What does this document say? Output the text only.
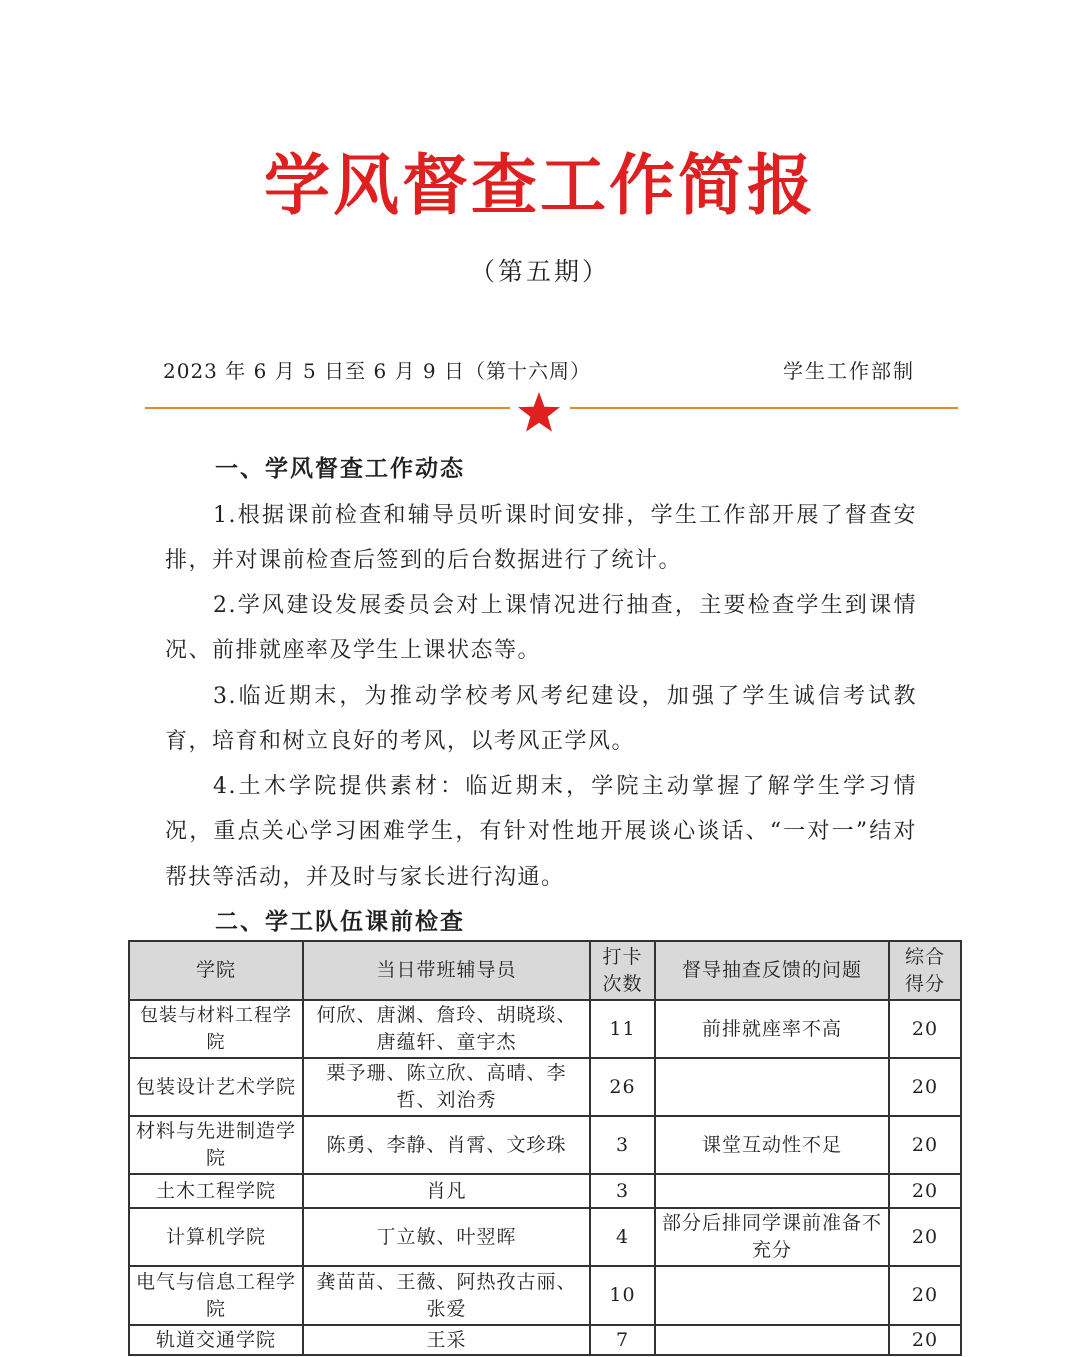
学风督查工作简报
（第五期）
2023 年 6 月 5 日至 6 月 9 日（第十六周）	学生工作部制
一、学风督查工作动态
1.根据课前检查和辅导员听课时间安排，学生工作部开展了督查安排，并对课前检查后签到的后台数据进行了统计。
2.学风建设发展委员会对上课情况进行抽查，主要检查学生到课情况、前排就座率及学生上课状态等。
3.临近期末，为推动学校考风考纪建设，加强了学生诚信考试教育，培育和树立良好的考风，以考风正学风。
4.土木学院提供素材：临近期末，学院主动掌握了解学生学习情况，重点关心学习困难学生，有针对性地开展谈心谈话、“一对一”结对帮扶等活动，并及时与家长进行沟通。
二、学工队伍课前检查
学院	当日带班辅导员	打卡次数	督导抽查反馈的问题	综合得分
包装与材料工程学院	何欣、唐渊、詹玲、胡晓琰、唐蕴轩、童宇杰	11	前排就座率不高	20
包装设计艺术学院	栗予珊、陈立欣、高晴、李哲、刘治秀	26		20
材料与先进制造学院	陈勇、李静、肖霄、文珍珠	3	课堂互动性不足	20
土木工程学院	肖凡	3		20
计算机学院	丁立敏、叶翌晖	4	部分后排同学课前准备不充分	20
电气与信息工程学院	龚苗苗、王薇、阿热孜古丽、张爱	10		20
轨道交通学院	王采	7		20
